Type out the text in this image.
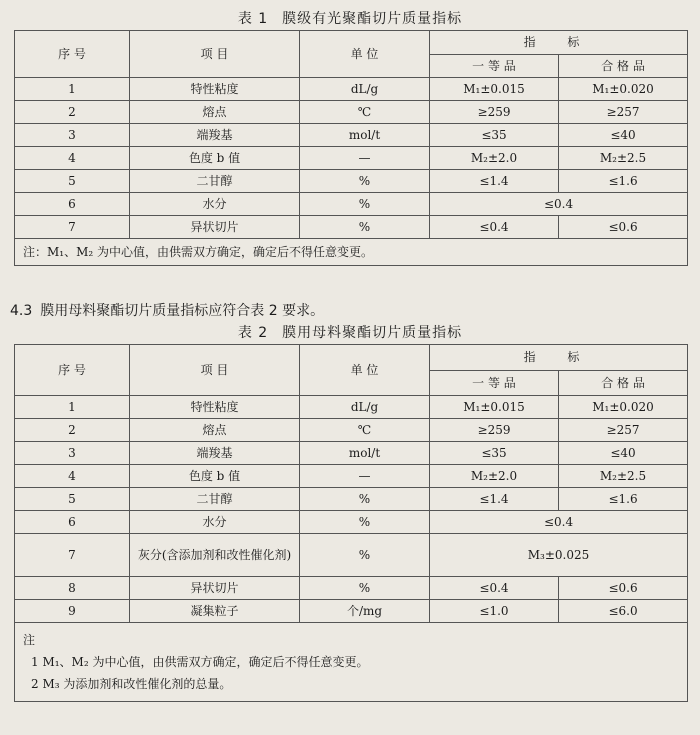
表 1 膜级有光聚酯切片质量指标
序 号	项 目	单 位	指 标	
			一 等 品	合 格 品
1	特性粘度	dL/g	M₁±0.015	M₁±0.020
2	熔点	℃	≥259	≥257
3	端羧基	mol/t	≤35	≤40
4	色度 b 值	—	M₂±2.0	M₂±2.5
5	二甘醇	%	≤1.4	≤1.6
6	水分	%	≤0.4	
7	异状切片	%	≤0.4	≤0.6
注：M₁、M₂ 为中心值，由供需双方确定，确定后不得任意变更。				
4.3 膜用母料聚酯切片质量指标应符合表 2 要求。
表 2 膜用母料聚酯切片质量指标
序 号	项 目	单 位	指 标	
			一 等 品	合 格 品
1	特性粘度	dL/g	M₁±0.015	M₁±0.020
2	熔点	℃	≥259	≥257
3	端羧基	mol/t	≤35	≤40
4	色度 b 值	—	M₂±2.0	M₂±2.5
5	二甘醇	%	≤1.4	≤1.6
6	水分	%	≤0.4	
7	灰分(含添加剂和改性催化剂)	%	M₃±0.025	
8	异状切片	%	≤0.4	≤0.6
9	凝集粒子	个/mg	≤1.0	≤6.0

注
1 M₁、M₂ 为中心值，由供需双方确定，确定后不得任意变更。
2 M₃ 为添加剂和改性催化剂的总量。				
